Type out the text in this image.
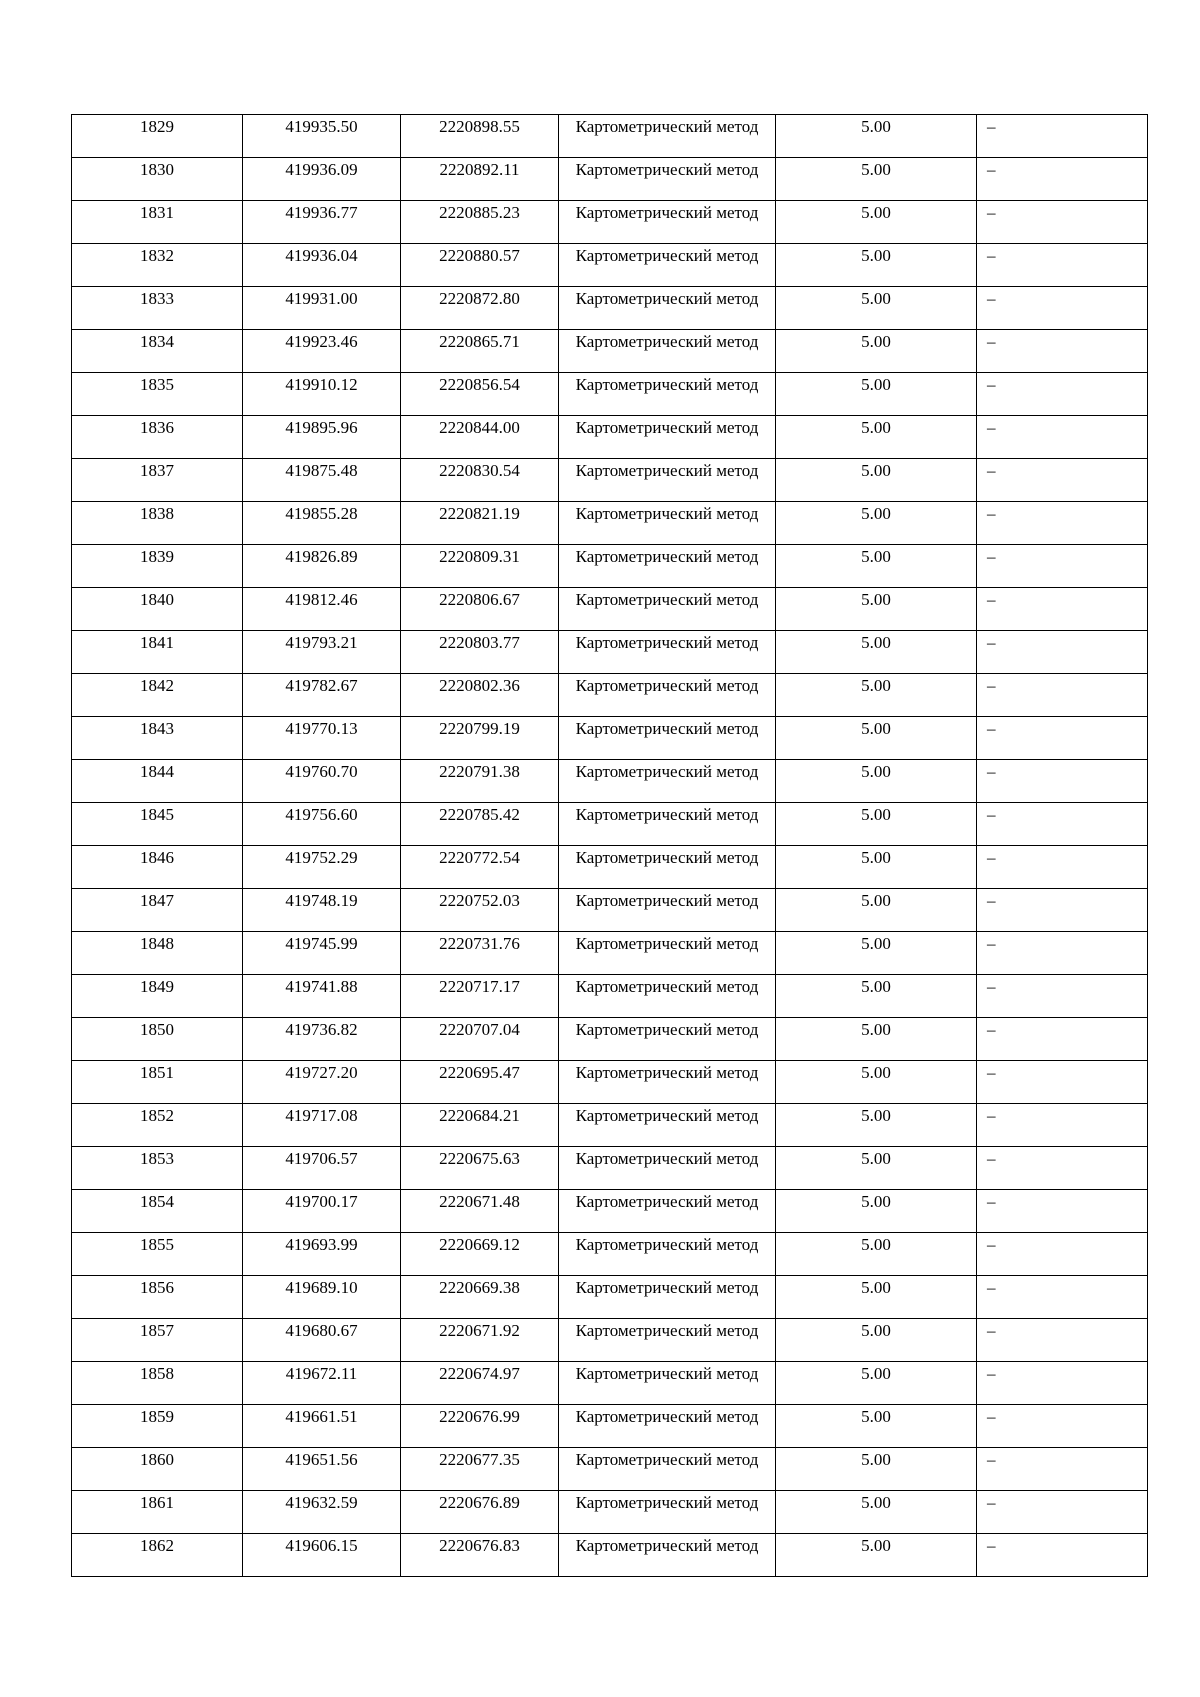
1829	419935.50	2220898.55	Картометрический метод	5.00	–

1830	419936.09	2220892.11	Картометрический метод	5.00	–

1831	419936.77	2220885.23	Картометрический метод	5.00	–

1832	419936.04	2220880.57	Картометрический метод	5.00	–

1833	419931.00	2220872.80	Картометрический метод	5.00	–

1834	419923.46	2220865.71	Картометрический метод	5.00	–

1835	419910.12	2220856.54	Картометрический метод	5.00	–

1836	419895.96	2220844.00	Картометрический метод	5.00	–

1837	419875.48	2220830.54	Картометрический метод	5.00	–

1838	419855.28	2220821.19	Картометрический метод	5.00	–

1839	419826.89	2220809.31	Картометрический метод	5.00	–

1840	419812.46	2220806.67	Картометрический метод	5.00	–

1841	419793.21	2220803.77	Картометрический метод	5.00	–

1842	419782.67	2220802.36	Картометрический метод	5.00	–

1843	419770.13	2220799.19	Картометрический метод	5.00	–

1844	419760.70	2220791.38	Картометрический метод	5.00	–

1845	419756.60	2220785.42	Картометрический метод	5.00	–

1846	419752.29	2220772.54	Картометрический метод	5.00	–

1847	419748.19	2220752.03	Картометрический метод	5.00	–

1848	419745.99	2220731.76	Картометрический метод	5.00	–

1849	419741.88	2220717.17	Картометрический метод	5.00	–

1850	419736.82	2220707.04	Картометрический метод	5.00	–

1851	419727.20	2220695.47	Картометрический метод	5.00	–

1852	419717.08	2220684.21	Картометрический метод	5.00	–

1853	419706.57	2220675.63	Картометрический метод	5.00	–

1854	419700.17	2220671.48	Картометрический метод	5.00	–

1855	419693.99	2220669.12	Картометрический метод	5.00	–

1856	419689.10	2220669.38	Картометрический метод	5.00	–

1857	419680.67	2220671.92	Картометрический метод	5.00	–

1858	419672.11	2220674.97	Картометрический метод	5.00	–

1859	419661.51	2220676.99	Картометрический метод	5.00	–

1860	419651.56	2220677.35	Картометрический метод	5.00	–

1861	419632.59	2220676.89	Картометрический метод	5.00	–

1862	419606.15	2220676.83	Картометрический метод	5.00	–
